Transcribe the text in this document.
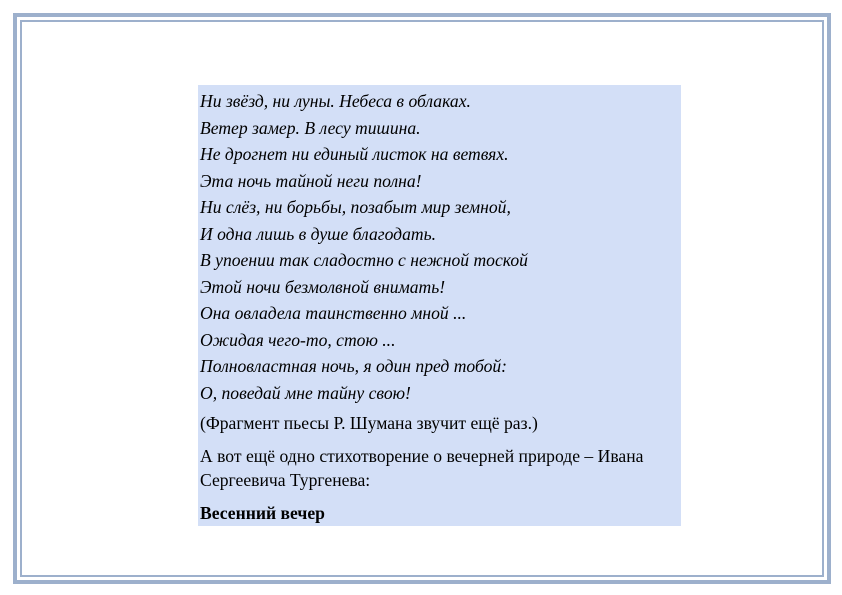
Ни звёзд, ни луны. Небеса в облаках.
Ветер замер. В лесу тишина.
Не дрогнет ни единый листок на ветвях.
Эта ночь тайной неги полна!
Ни слёз, ни борьбы, позабыт мир земной,
И одна лишь в душе благодать.
В упоении так сладостно с нежной тоской
Этой ночи безмолвной внимать!
Она овладела таинственно мной ...
Ожидая чего-то, стою ...
Полновластная ночь, я один пред тобой:
О, поведай мне тайну свою!

(Фрагмент пьесы Р. Шумана звучит ещё раз.)

А вот ещё одно стихотворение о вечерней природе – Ивана Сергеевича Тургенева:

Весенний вечер
